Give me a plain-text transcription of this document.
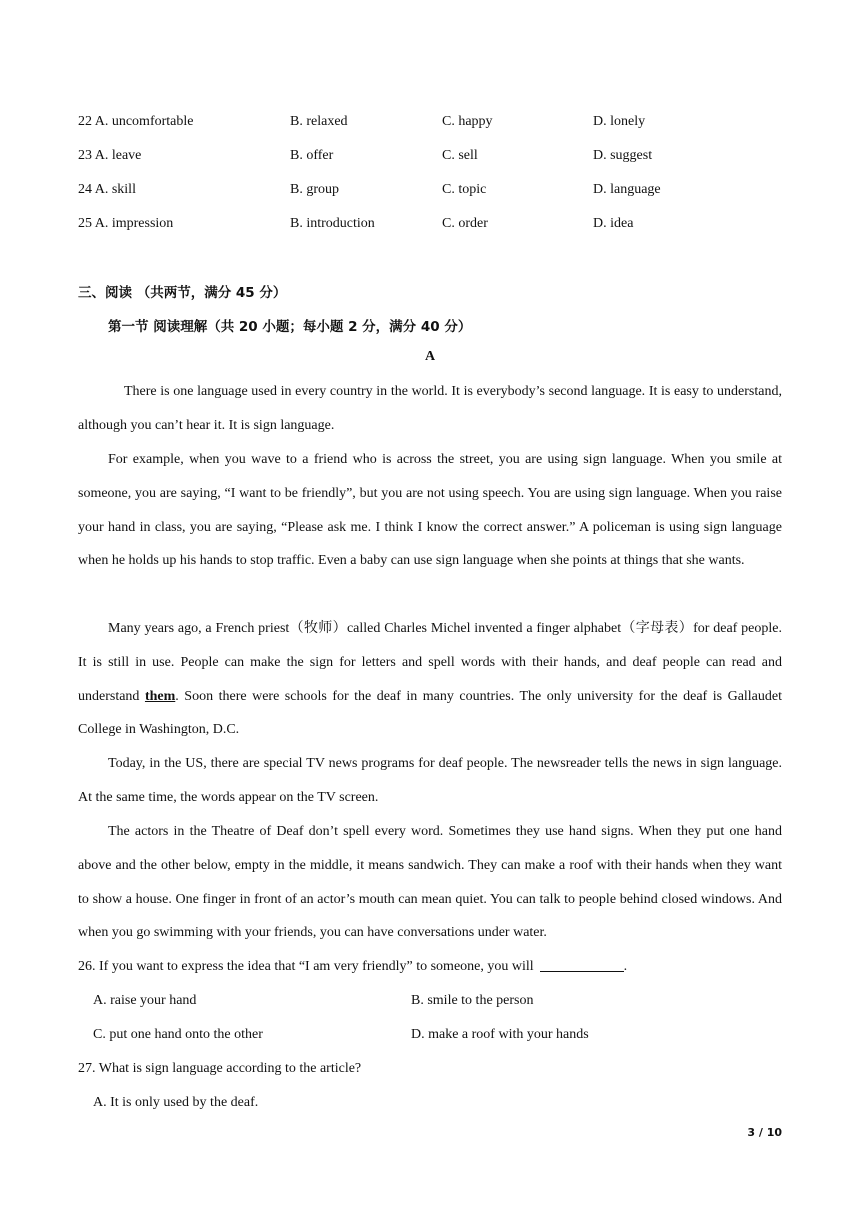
22 A. uncomfortable	B. relaxed	C. happy	D. lonely
23 A. leave	B. offer	C. sell	D. suggest
24 A. skill	B. group	C. topic	D. language
25 A. impression	B. introduction	C. order	D. idea
三、阅读 （共两节，满分 45 分）
第一节 阅读理解（共 20 小题；每小题 2 分，满分 40 分）
A
There is one language used in every country in the world. It is everybody’s second language. It is easy to understand, although you can’t hear it. It is sign language.
For example, when you wave to a friend who is across the street, you are using sign language. When you smile at someone, you are saying, “I want to be friendly”, but you are not using speech. You are using sign language. When you raise your hand in class, you are saying, “Please ask me. I think I know the correct answer.” A policeman is using sign language when he holds up his hands to stop traffic. Even a baby can use sign language when she points at things that she wants.
Many years ago, a French priest（牧师）called Charles Michel invented a finger alphabet（字母表）for deaf people. It is still in use. People can make the sign for letters and spell words with their hands, and deaf people can read and understand them. Soon there were schools for the deaf in many countries. The only university for the deaf is Gallaudet College in Washington, D.C.
Today, in the US, there are special TV news programs for deaf people. The newsreader tells the news in sign language. At the same time, the words appear on the TV screen.
The actors in the Theatre of Deaf don’t spell every word. Sometimes they use hand signs. When they put one hand above and the other below, empty in the middle, it means sandwich. They can make a roof with their hands when they want to show a house. One finger in front of an actor’s mouth can mean quiet. You can talk to people behind closed windows. And when you go swimming with your friends, you can have conversations under water.
26. If you want to express the idea that “I am very friendly” to someone, you will	.
A. raise your hand	B. smile to the person
C. put one hand onto the other	D. make a roof with your hands
27. What is sign language according to the article?
A. It is only used by the deaf.
3 / 10
